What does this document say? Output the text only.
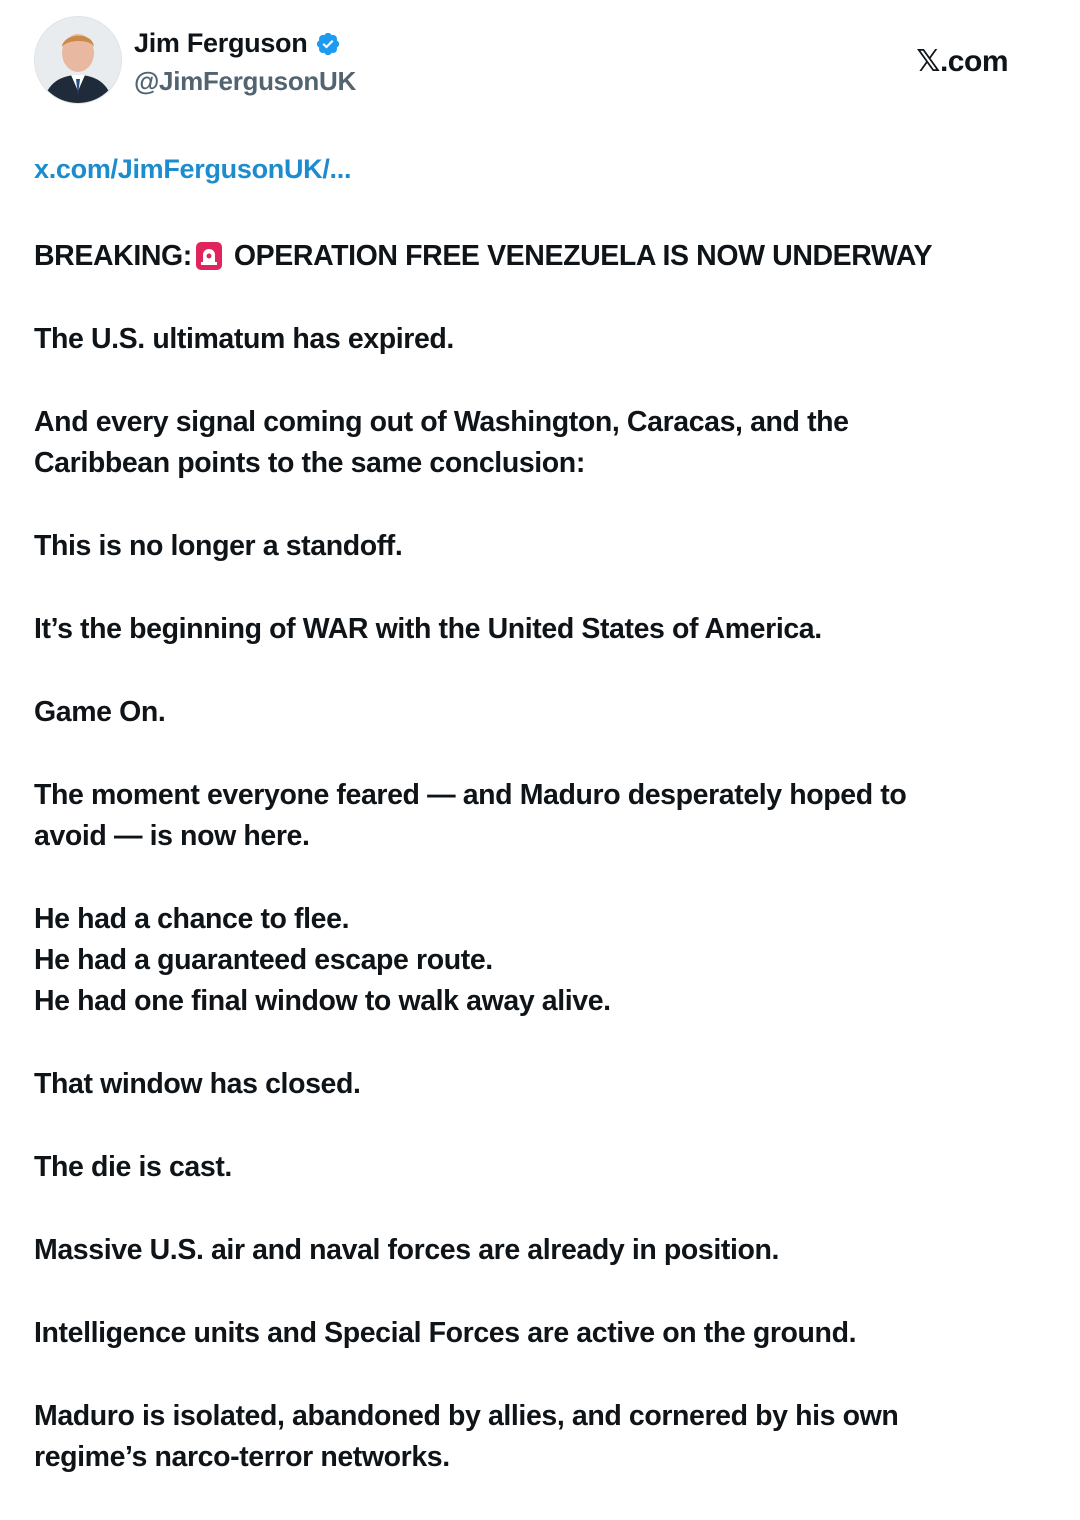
Jim Ferguson
@JimFergusonUK
𝕏.com
x.com/JimFergusonUK/...

BREAKING: OPERATION FREE VENEZUELA IS NOW UNDERWAY

The U.S. ultimatum has expired.

And every signal coming out of Washington, Caracas, and the
Caribbean points to the same conclusion:

This is no longer a standoff.

It’s the beginning of WAR with the United States of America.

Game On.

The moment everyone feared — and Maduro desperately hoped to
avoid — is now here.

He had a chance to flee.
He had a guaranteed escape route.
He had one final window to walk away alive.

That window has closed.

The die is cast.

Massive U.S. air and naval forces are already in position.

Intelligence units and Special Forces are active on the ground.

Maduro is isolated, abandoned by allies, and cornered by his own
regime’s narco-terror networks.
